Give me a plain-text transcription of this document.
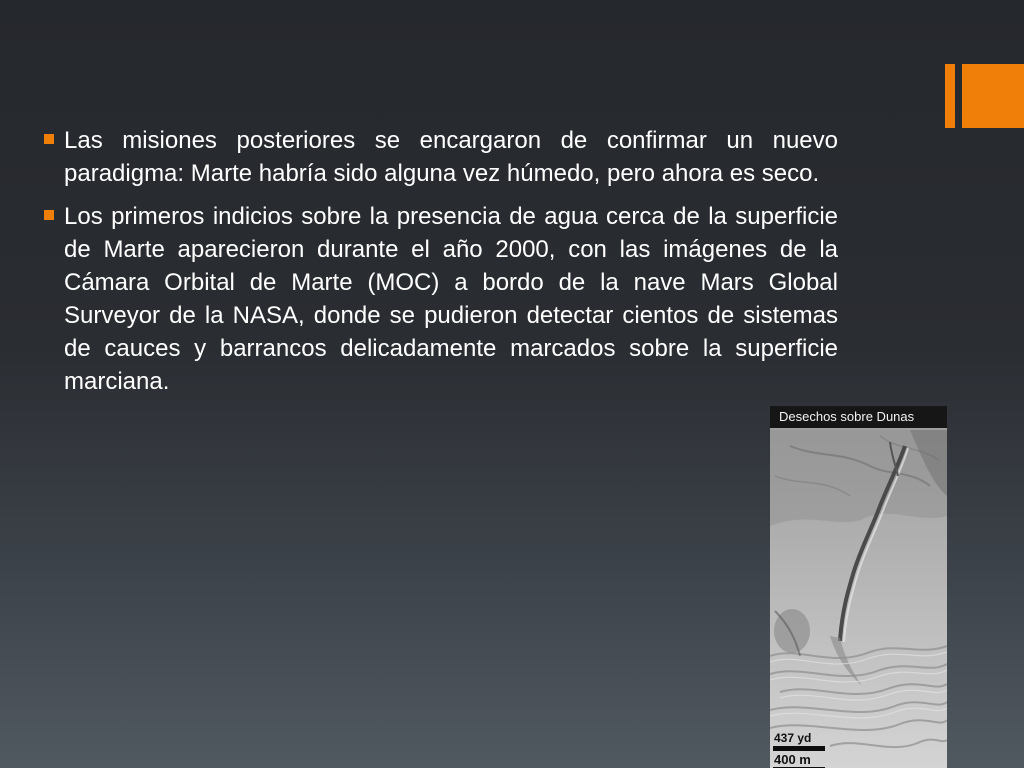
Las misiones posteriores se encargaron de confirmar un nuevo paradigma: Marte habría sido alguna vez húmedo, pero ahora es seco.
Los primeros indicios sobre la presencia de agua cerca de la superficie de Marte aparecieron durante el año 2000, con las imágenes de la Cámara Orbital de Marte (MOC) a bordo de la nave Mars Global Surveyor de la NASA, donde se pudieron detectar cientos de sistemas de cauces y barrancos delicadamente marcados sobre la superficie marciana.
Desechos sobre Dunas
437 yd
400 m
